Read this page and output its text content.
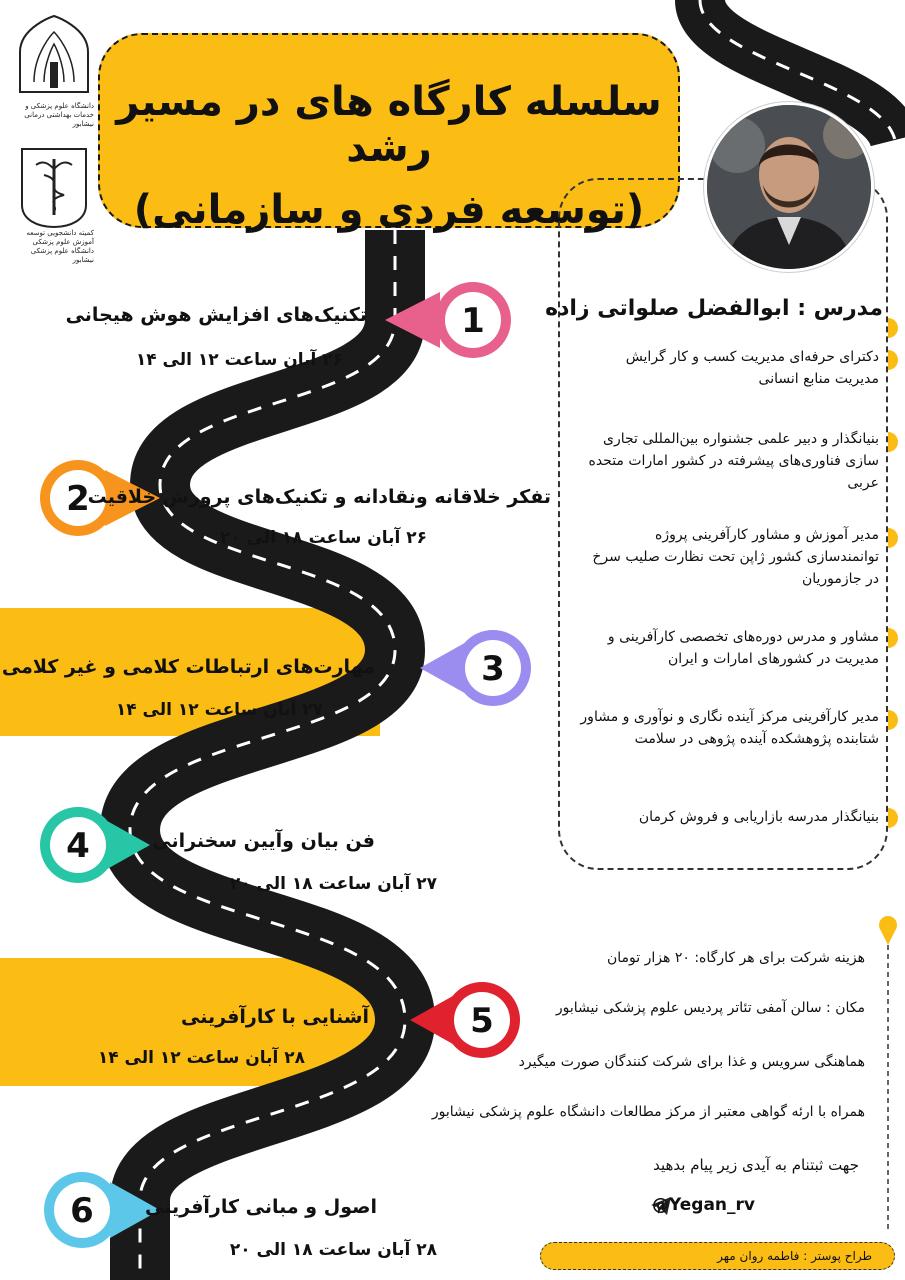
1
2
3
4
5
6
دانشگاه علوم پزشکی و خدمات بهداشتی درمانی نیشابور
کمیته دانشجویی توسعه آموزش علوم پزشکی دانشگاه علوم پزشکی نیشابور
سلسله کارگاه های در مسیر رشد
(توسعه فردی و سازمانی)
مدرس : ابوالفضل صلواتی زاده
دکترای حرفه‌ای مدیریت کسب و کار گرایش مدیریت منابع انسانی
بنیانگذار و دبیر علمی جشنواره بین‌المللی تجاری سازی فناوری‌های پیشرفته در کشور امارات متحده عربی
مدیر آموزش و مشاور کارآفرینی پروژه توانمندسازی کشور ژاپن تحت نظارت صلیب سرخ در جازموریان
مشاور و مدرس دوره‌های تخصصی کارآفرینی و مدیریت در کشورهای امارات و ایران
مدیر کارآفرینی مرکز آینده نگاری و نوآوری و مشاور شتابنده پژوهشکده آینده پژوهی در سلامت
بنیانگذار مدرسه بازاریابی و فروش کرمان
تکنیک‌های افزایش هوش هیجانی
۲۶ آبان ساعت ۱۲ الی ۱۴
تفکر خلاقانه ونقادانه و تکنیک‌های پرورش خلاقیت
۲۶ آبان ساعت ۱۸ الی ۲۰
مهارت‌های ارتباطات کلامی و غیر کلامی
۲۷ آبان ساعت ۱۲ الی ۱۴
فن بیان وآیین سخنرانی
۲۷ آبان ساعت ۱۸ الی ۲۰
آشنایی با کارآفرینی
۲۸ آبان ساعت ۱۲ الی ۱۴
اصول و مبانی کارآفرینی
۲۸ آبان ساعت ۱۸ الی ۲۰
هزینه شرکت برای هر کارگاه: ۲۰ هزار تومان
مکان : سالن آمفی تئاتر پردیس علوم پزشکی نیشابور
هماهنگی سرویس و غذا برای شرکت کنندگان صورت میگیرد
همراه با ارئه گواهی معتبر از مرکز مطالعات دانشگاه علوم پزشکی نیشابور
جهت ثبتنام به آیدی زیر پیام بدهید
@Yegan_rv
طراح پوستر : فاطمه روان مهر
